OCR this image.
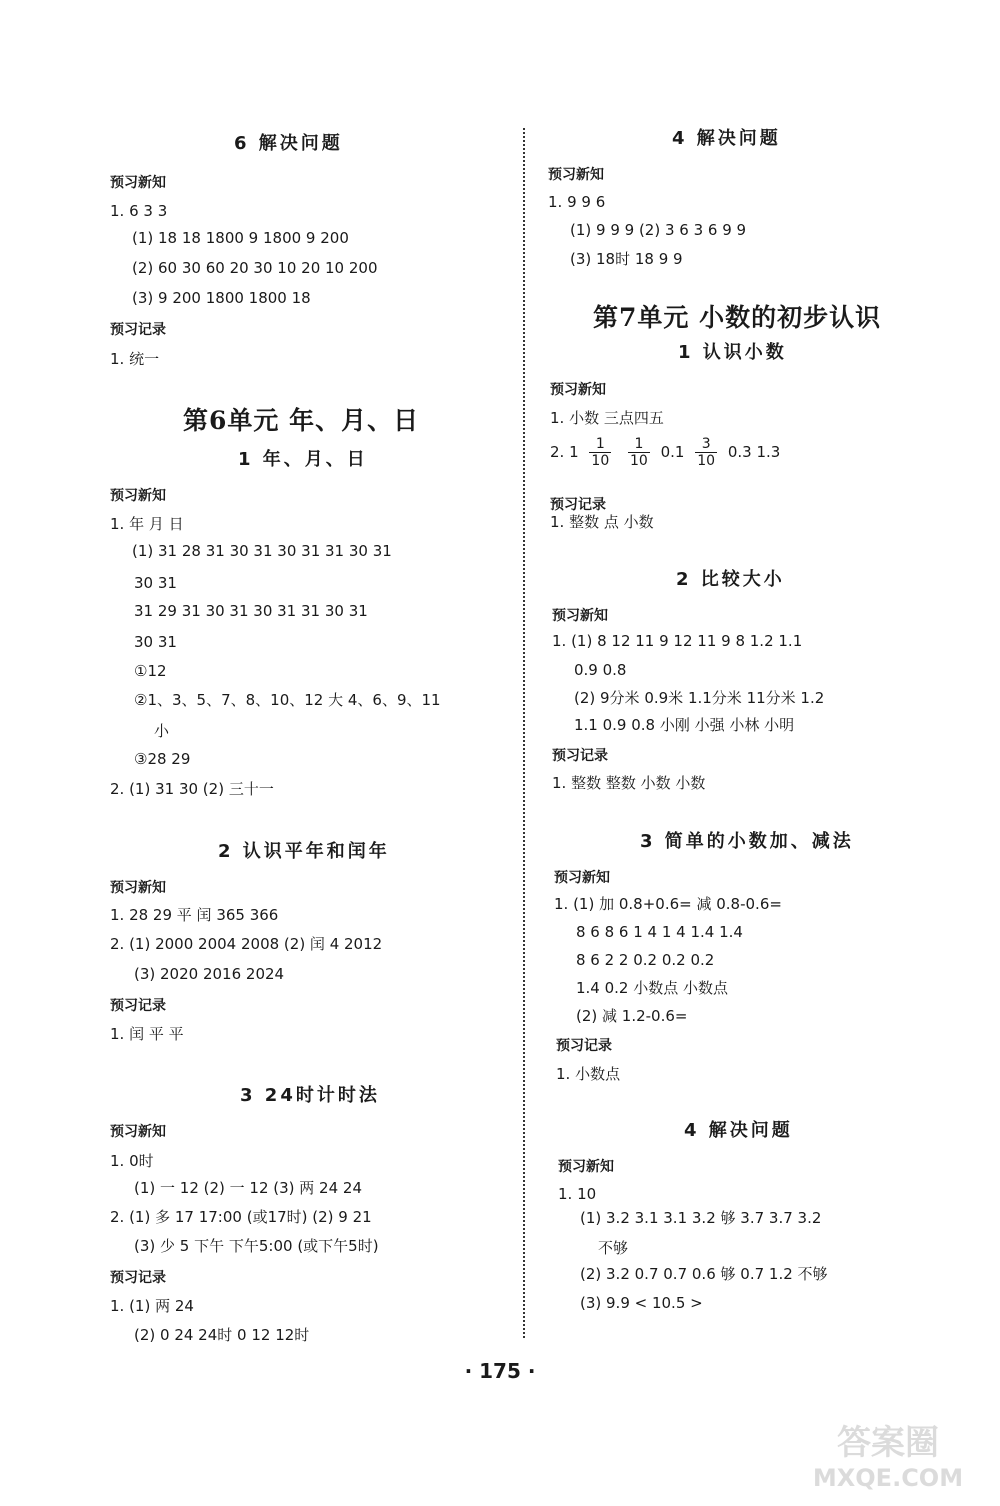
6 解决问题
预习新知
1. 6 3 3
(1) 18 18 1800 9 1800 9 200
(2) 60 30 60 20 30 10 20 10 200
(3) 9 200 1800 1800 18
预习记录
1. 统一
第6单元 年、月、日
1 年、月、日
预习新知
1. 年 月 日
(1) 31 28 31 30 31 30 31 31 30 31
30 31
31 29 31 30 31 30 31 31 30 31
30 31
①12
②1、3、5、7、8、10、12 大 4、6、9、11
小
③28 29
2. (1) 31 30 (2) 三十一
2 认识平年和闰年
预习新知
1. 28 29 平 闰 365 366
2. (1) 2000 2004 2008 (2) 闰 4 2012
(3) 2020 2016 2024
预习记录
1. 闰 平 平
3 24时计时法
预习新知
1. 0时
(1) 一 12 (2) 一 12 (3) 两 24 24
2. (1) 多 17 17:00 (或17时) (2) 9 21
(3) 少 5 下午 下午5:00 (或下午5时)
预习记录
1. (1) 两 24
(2) 0 24 24时 0 12 12时
2. $1 \frac{1}{10}$
$\frac{1}{10} 0.1 \frac{3}{10} 0.3$ 1.3
4 解决问题
预习新知
1. 9 9 6
(1) 9 9 9 (2) 3 6 3 6 9 9
(3) 18时 18 9 9
第7单元 小数的初步认识
1 认识小数
预习新知
1. 小数 三点四五
预习记录
1. 整数 点 小数
2 比较大小
预习新知
1. (1) 8 12 11 9 12 11 9 8 1.2 1.1
0.9 0.8
(2) 9分米 0.9米 1.1分米 11分米 1.2
1.1 0.9 0.8 小刚 小强 小林 小明
预习记录
1. 整数 整数 小数 小数
3 简单的小数加、减法
预习新知
1. (1) 加 0.8+0.6= 减 0.8-0.6=
8 6 8 6 1 4 1 4 1.4 1.4
8 6 2 2 0.2 0.2 0.2
1.4 0.2 小数点 小数点
(2) 减 1.2-0.6=
预习记录
1. 小数点
4 解决问题
预习新知
1. 10
(1) 3.2 3.1 3.1 3.2 够 3.7 3.7 3.2
不够
(2) 3.2 0.7 0.7 0.6 够 0.7 1.2 不够
(3) 9.9 < 10.5 >
· 175 ·
答案圈
MXQE.COM
